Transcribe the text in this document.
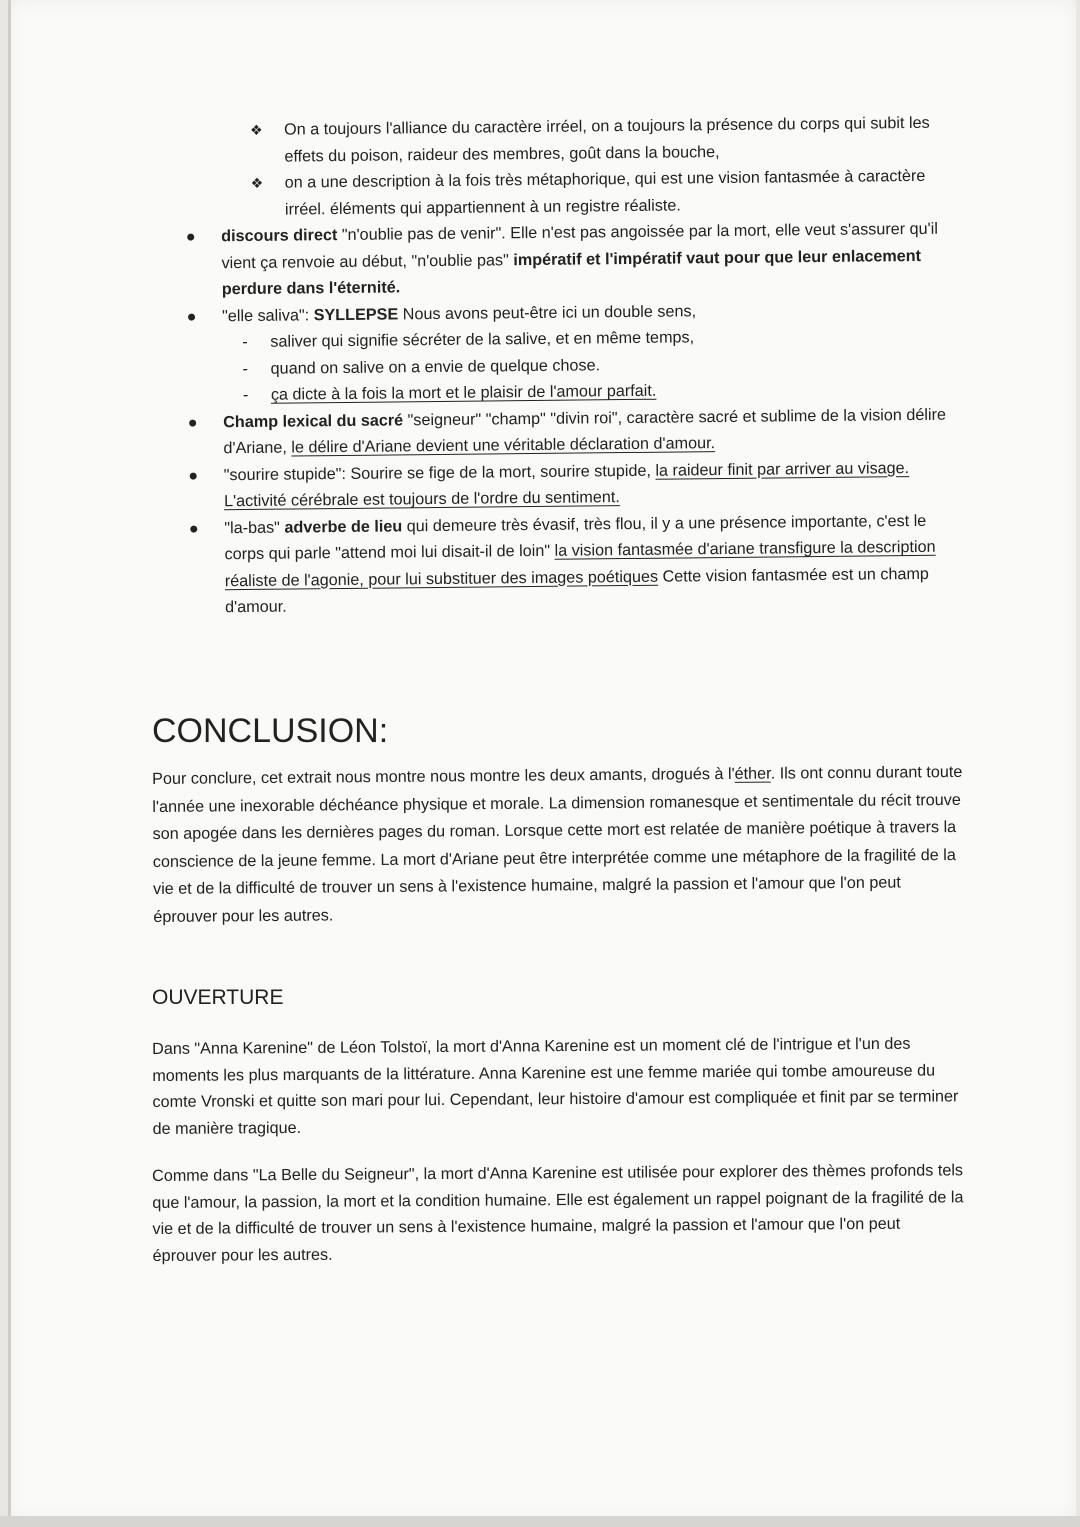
❖ On a toujours l'alliance du caractère irréel, on a toujours la présence du corps qui subit les effets du poison, raideur des membres, goût dans la bouche,
❖ on a une description à la fois très métaphorique, qui est une vision fantasmée à caractère irréel. éléments qui appartiennent à un registre réaliste.
discours direct "n'oublie pas de venir". Elle n'est pas angoissée par la mort, elle veut s'assurer qu'il vient ça renvoie au début, "n'oublie pas" impératif et l'impératif vaut pour que leur enlacement perdure dans l'éternité.
"elle saliva": SYLLEPSE Nous avons peut-être ici un double sens,
- saliver qui signifie sécréter de la salive, et en même temps,
- quand on salive on a envie de quelque chose.
- ça dicte à la fois la mort et le plaisir de l'amour parfait.
Champ lexical du sacré "seigneur" "champ" "divin roi", caractère sacré et sublime de la vision délire d'Ariane, le délire d'Ariane devient une véritable déclaration d'amour.
"sourire stupide": Sourire se fige de la mort, sourire stupide, la raideur finit par arriver au visage. L'activité cérébrale est toujours de l'ordre du sentiment.
"la-bas" adverbe de lieu qui demeure très évasif, très flou, il y a une présence importante, c'est le corps qui parle "attend moi lui disait-il de loin" la vision fantasmée d'ariane transfigure la description réaliste de l'agonie, pour lui substituer des images poétiques Cette vision fantasmée est un champ d'amour.
CONCLUSION:

Pour conclure, cet extrait nous montre nous montre les deux amants, drogués à l'éther. Ils ont connu durant toute l'année une inexorable déchéance physique et morale. La dimension romanesque et sentimentale du récit trouve son apogée dans les dernières pages du roman. Lorsque cette mort est relatée de manière poétique à travers la conscience de la jeune femme. La mort d'Ariane peut être interprétée comme une métaphore de la fragilité de la vie et de la difficulté de trouver un sens à l'existence humaine, malgré la passion et l'amour que l'on peut éprouver pour les autres.

OUVERTURE

Dans "Anna Karenine" de Léon Tolstoï, la mort d'Anna Karenine est un moment clé de l'intrigue et l'un des moments les plus marquants de la littérature. Anna Karenine est une femme mariée qui tombe amoureuse du comte Vronski et quitte son mari pour lui. Cependant, leur histoire d'amour est compliquée et finit par se terminer de manière tragique.

Comme dans "La Belle du Seigneur", la mort d'Anna Karenine est utilisée pour explorer des thèmes profonds tels que l'amour, la passion, la mort et la condition humaine. Elle est également un rappel poignant de la fragilité de la vie et de la difficulté de trouver un sens à l'existence humaine, malgré la passion et l'amour que l'on peut éprouver pour les autres.
